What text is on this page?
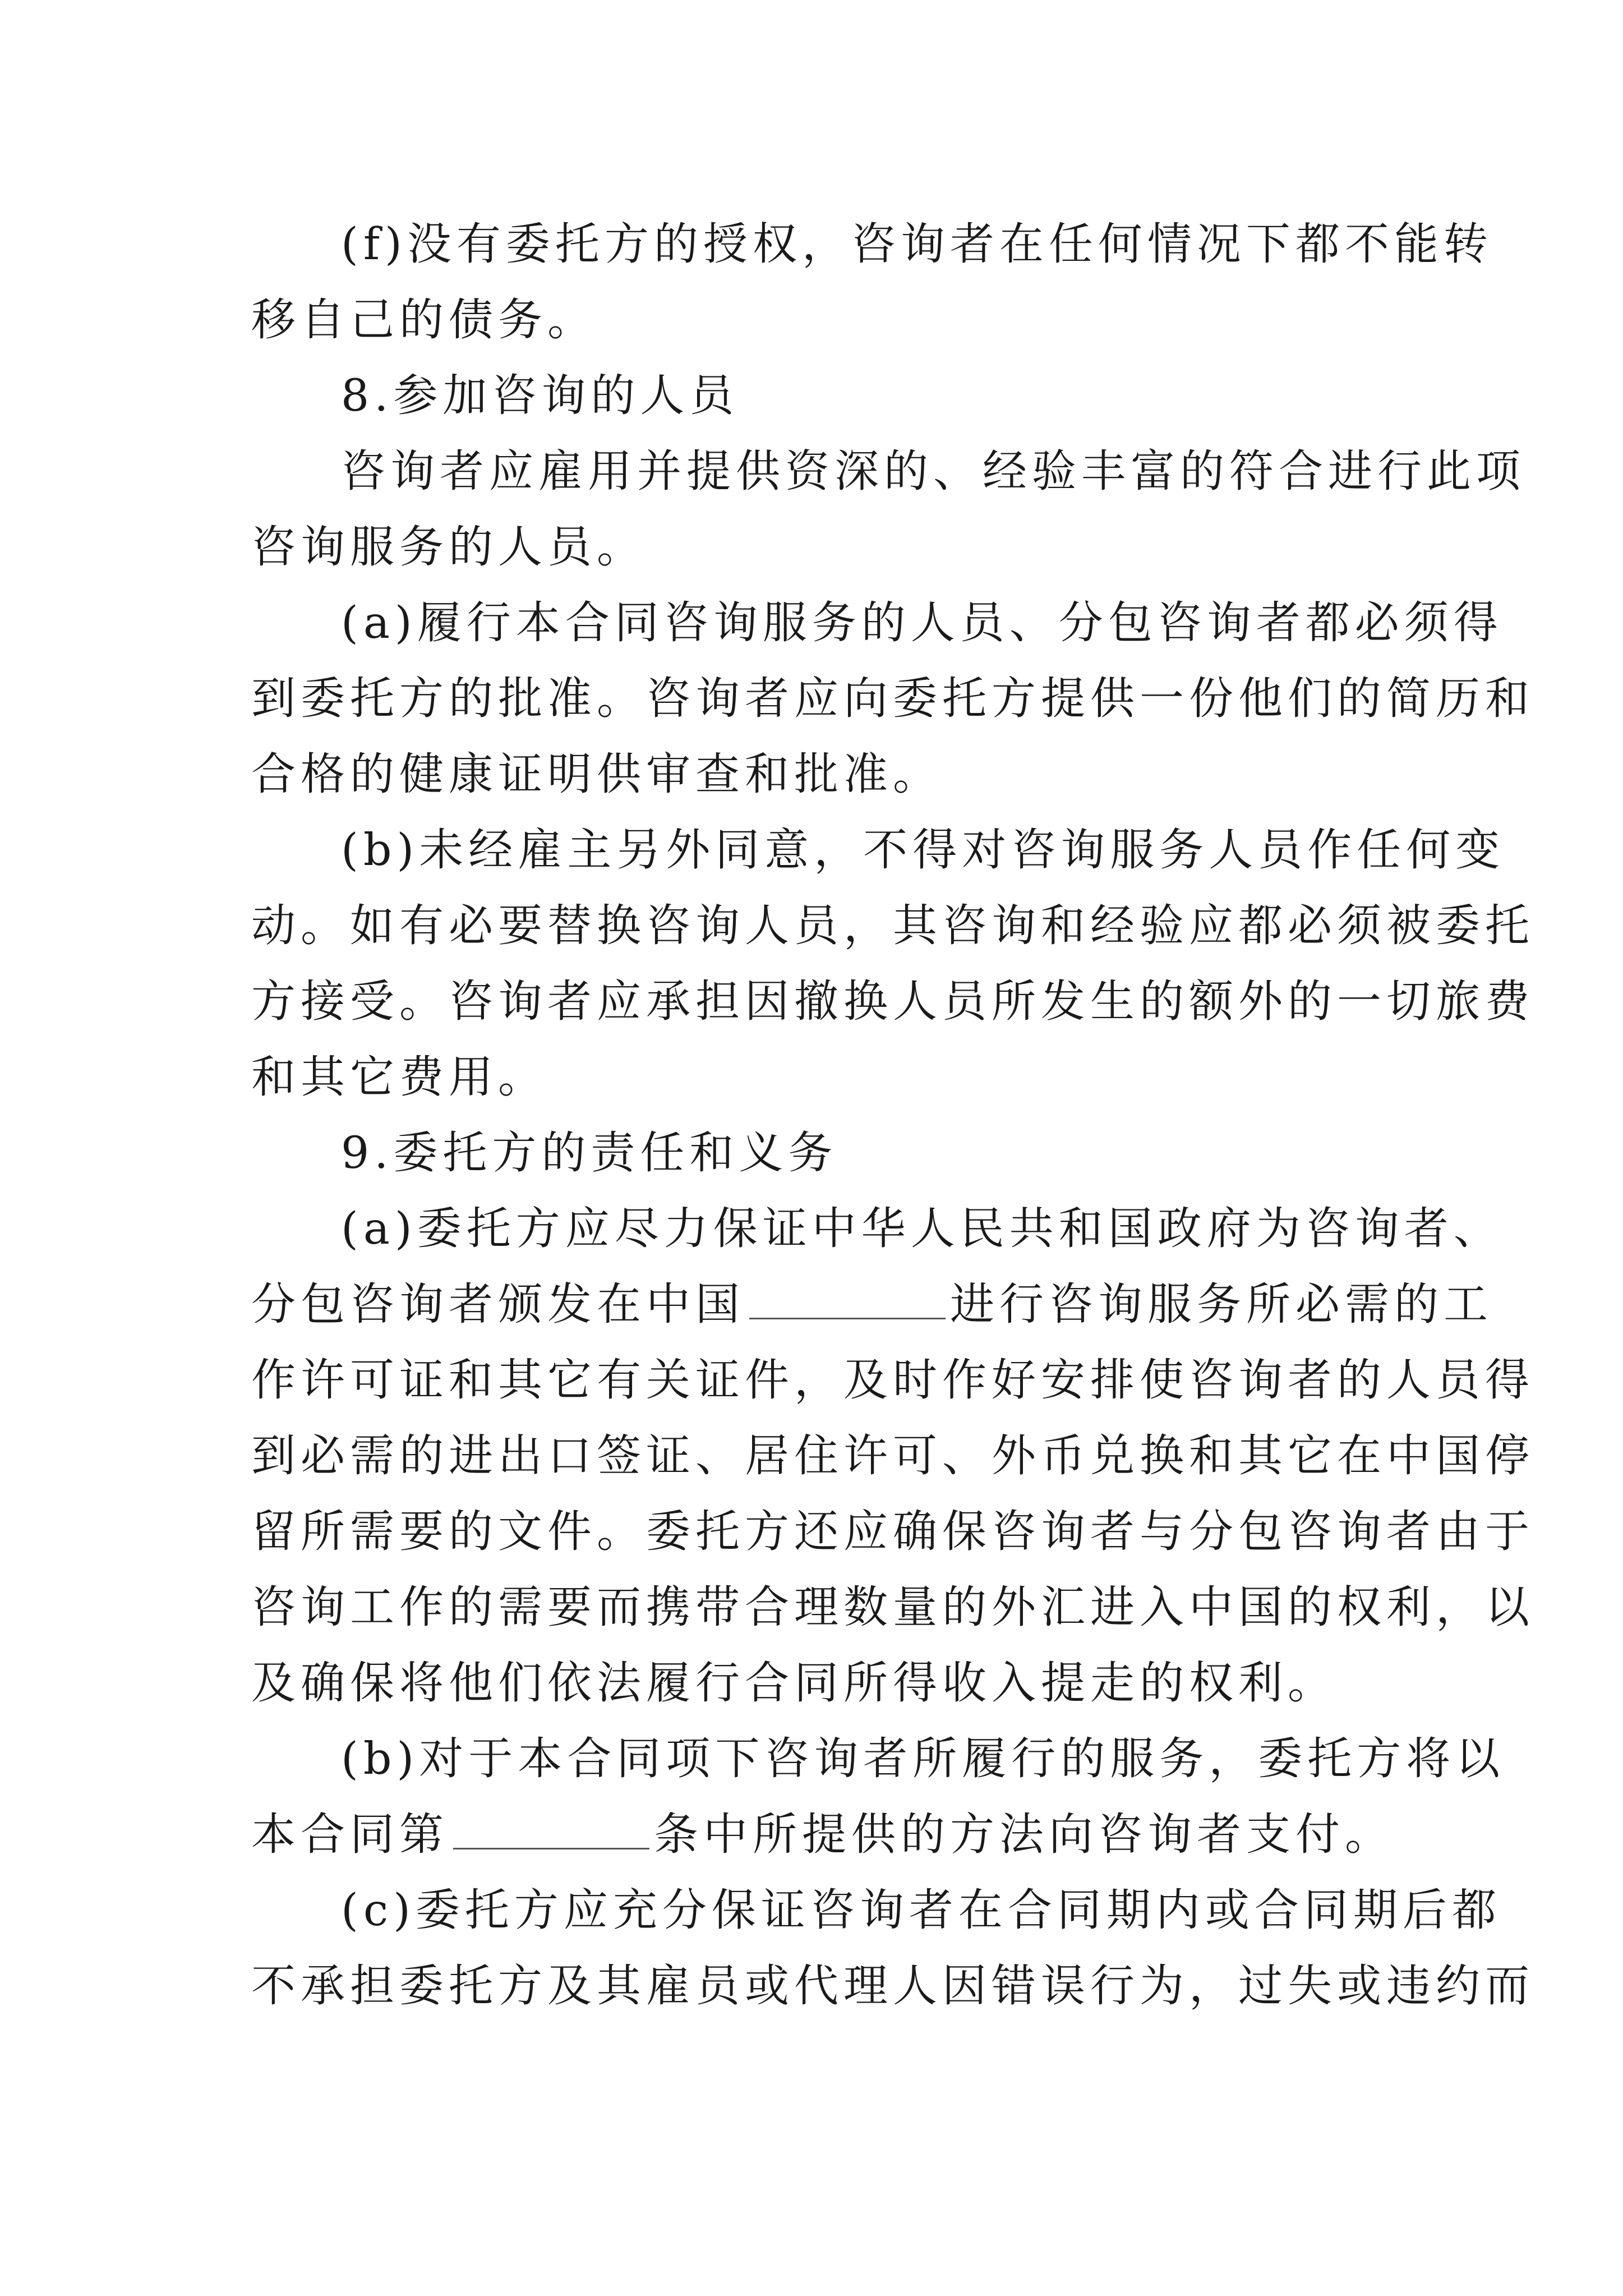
(f)没有委托方的授权，咨询者在任何情况下都不能转
移自己的债务。
8.参加咨询的人员
咨询者应雇用并提供资深的、经验丰富的符合进行此项
咨询服务的人员。
(a)履行本合同咨询服务的人员、分包咨询者都必须得
到委托方的批准。咨询者应向委托方提供一份他们的简历和
合格的健康证明供审查和批准。
(b)未经雇主另外同意，不得对咨询服务人员作任何变
动。如有必要替换咨询人员，其咨询和经验应都必须被委托
方接受。咨询者应承担因撤换人员所发生的额外的一切旅费
和其它费用。
9.委托方的责任和义务
(a)委托方应尽力保证中华人民共和国政府为咨询者、
分包咨询者颁发在中国	进行咨询服务所必需的工
作许可证和其它有关证件，及时作好安排使咨询者的人员得
到必需的进出口签证、居住许可、外币兑换和其它在中国停
留所需要的文件。委托方还应确保咨询者与分包咨询者由于
咨询工作的需要而携带合理数量的外汇进入中国的权利，以
及确保将他们依法履行合同所得收入提走的权利。
(b)对于本合同项下咨询者所履行的服务，委托方将以
本合同第	条中所提供的方法向咨询者支付。
(c)委托方应充分保证咨询者在合同期内或合同期后都
不承担委托方及其雇员或代理人因错误行为，过失或违约而
